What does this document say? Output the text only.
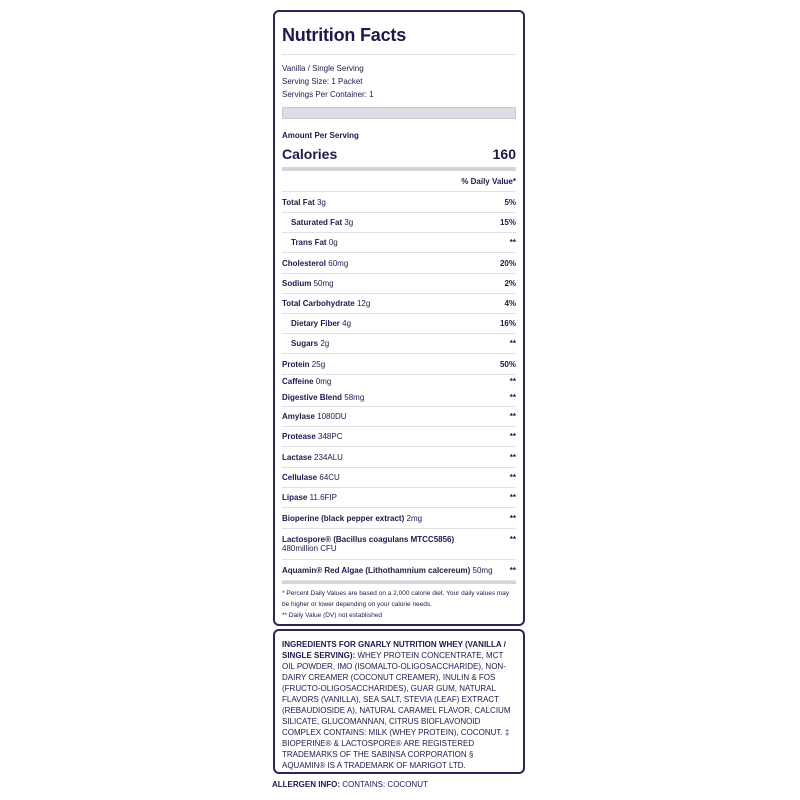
Nutrition Facts
Vanilla / Single Serving
Serving Size: 1 Packet
Servings Per Container: 1
Amount Per Serving
Calories	160
% Daily Value*
Total Fat 3g	5%
Saturated Fat 3g	15%
Trans Fat 0g	**
Cholesterol 60mg	20%
Sodium 50mg	2%
Total Carbohydrate 12g	4%
Dietary Fiber 4g	16%
Sugars 2g	**
Protein 25g	50%
Caffeine 0mg	**
Digestive Blend 58mg	**
Amylase 1080DU	**
Protease 348PC	**
Lactase 234ALU	**
Cellulase 64CU	**
Lipase 11.6FIP	**
Bioperine (black pepper extract) 2mg	**
Lactospore® (Bacillus coagulans MTCC5856) 480million CFU
**
Aquamin® Red Algae (Lithothamnium calcereum) 50mg **
* Percent Daily Values are based on a 2,000 calorie diet. Your daily values may be higher or lower depending on your calorie needs.
** Daily Value (DV) not established
INGREDIENTS FOR GNARLY NUTRITION WHEY (VANILLA / SINGLE SERVING): WHEY PROTEIN CONCENTRATE, MCT OIL POWDER, IMO (ISOMALTO-OLIGOSACCHARIDE), NON-DAIRY CREAMER (COCONUT CREAMER), INULIN & FOS (FRUCTO-OLIGOSACCHARIDES), GUAR GUM, NATURAL FLAVORS (VANILLA), SEA SALT, STEVIA (LEAF) EXTRACT (REBAUDIOSIDE A), NATURAL CARAMEL FLAVOR, CALCIUM SILICATE, GLUCOMANNAN, CITRUS BIOFLAVONOID COMPLEX CONTAINS: MILK (WHEY PROTEIN), COCONUT. ‡ BIOPERINE® & LACTOSPORE® ARE REGISTERED TRADEMARKS OF THE SABINSA CORPORATION § AQUAMIN® IS A TRADEMARK OF MARIGOT LTD.
ALLERGEN INFO: CONTAINS: COCONUT
